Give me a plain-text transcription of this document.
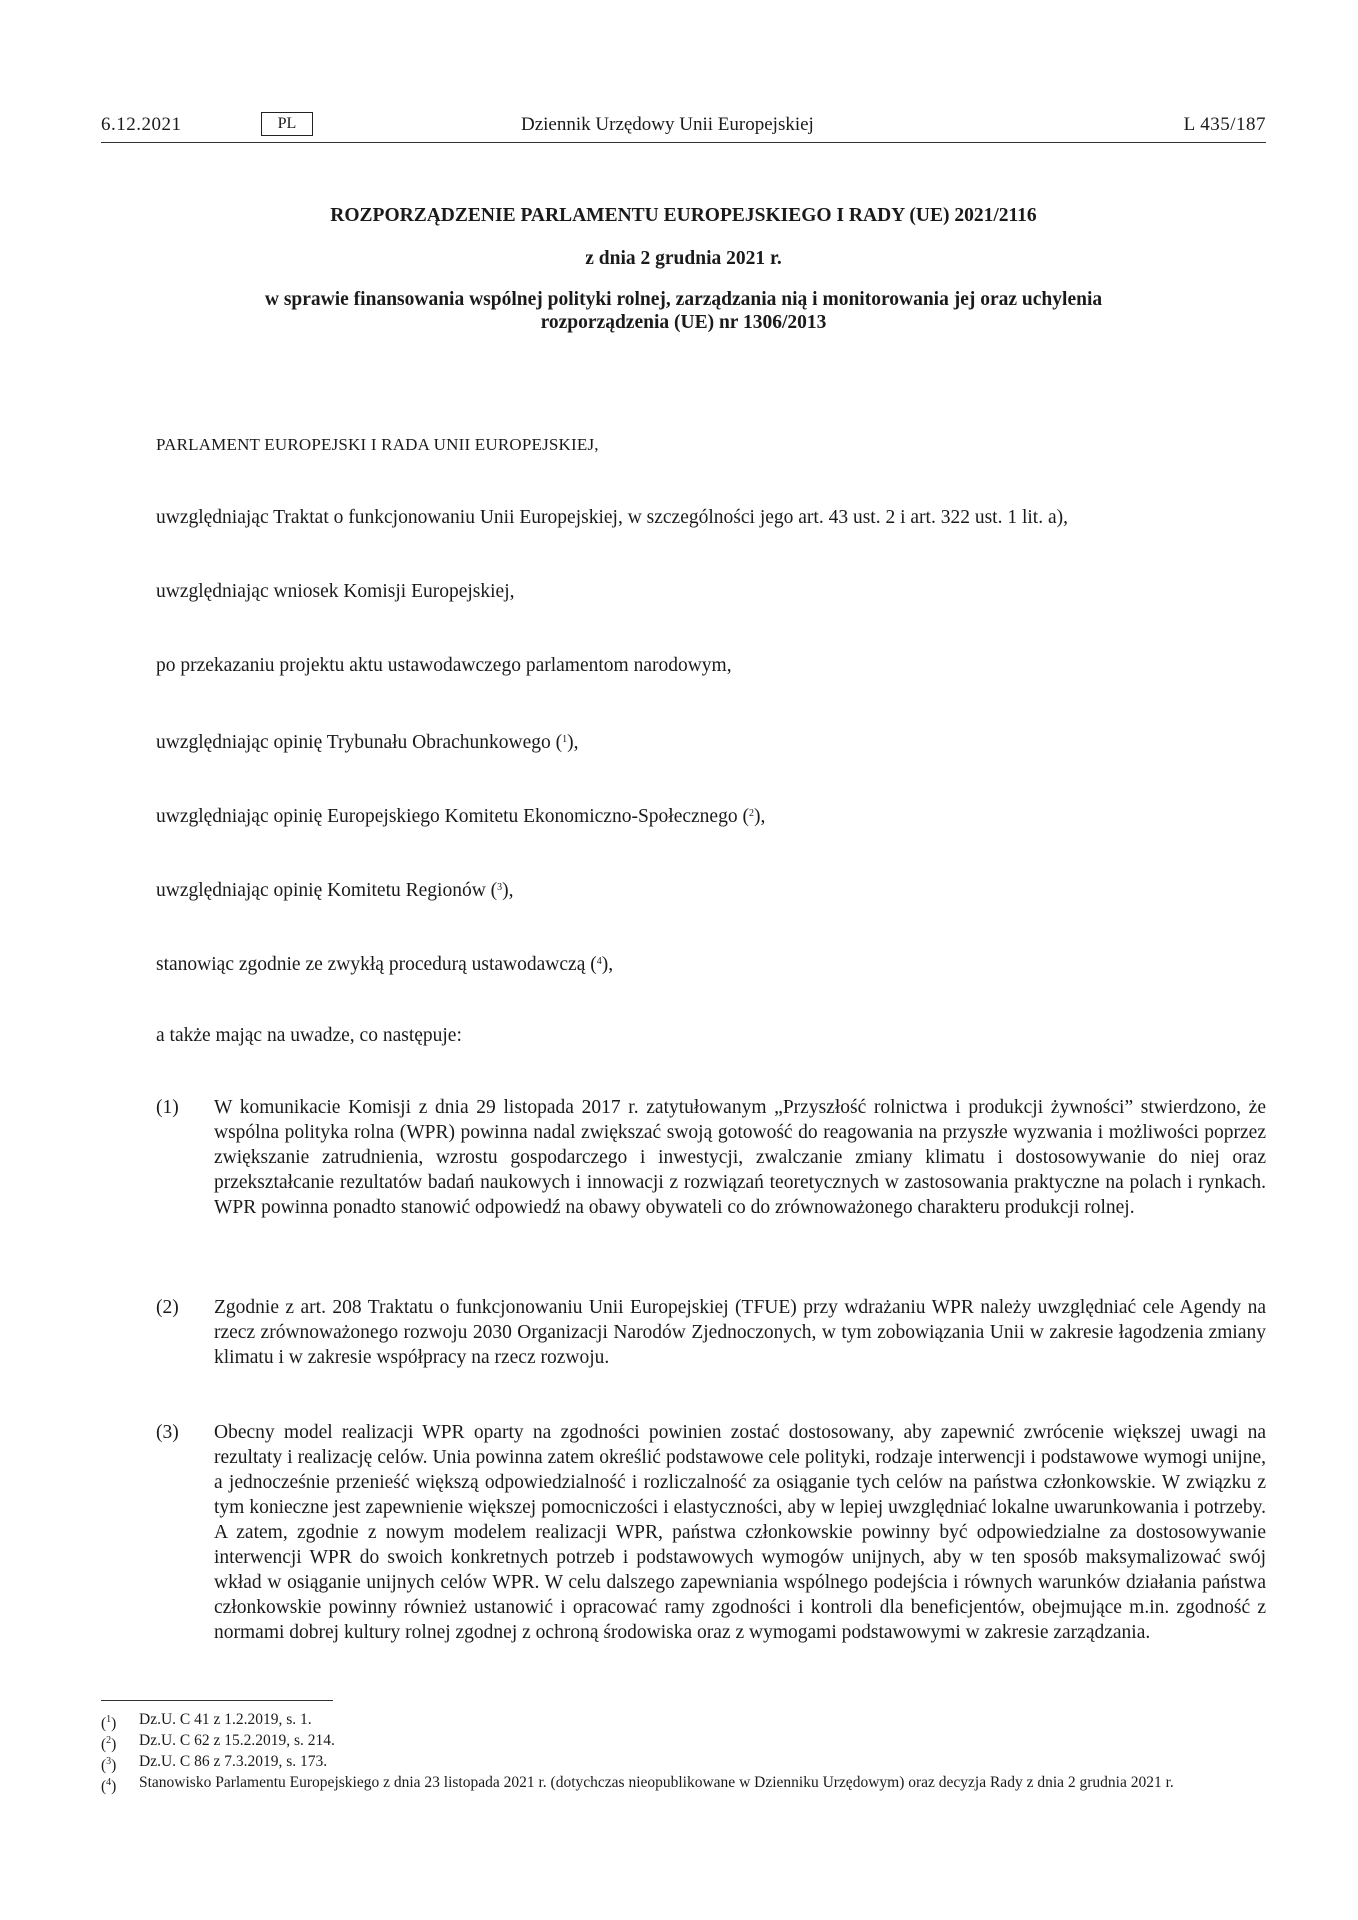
6.12.2021	PL	Dziennik Urzędowy Unii Europejskiej	L 435/187
ROZPORZĄDZENIE PARLAMENTU EUROPEJSKIEGO I RADY (UE) 2021/2116
z dnia 2 grudnia 2021 r.
w sprawie finansowania wspólnej polityki rolnej, zarządzania nią i monitorowania jej oraz uchylenia
rozporządzenia (UE) nr 1306/2013
PARLAMENT EUROPEJSKI I RADA UNII EUROPEJSKIEJ,
uwzględniając Traktat o funkcjonowaniu Unii Europejskiej, w szczególności jego art. 43 ust. 2 i art. 322 ust. 1 lit. a),
uwzględniając wniosek Komisji Europejskiej,
po przekazaniu projektu aktu ustawodawczego parlamentom narodowym,
uwzględniając opinię Trybunału Obrachunkowego ($^1$),
uwzględniając opinię Europejskiego Komitetu Ekonomiczno-Społecznego ($^2$),
uwzględniając opinię Komitetu Regionów ($^3$),
stanowiąc zgodnie ze zwykłą procedurą ustawodawczą ($^4$),
a także mając na uwadze, co następuje:
(1) W komunikacie Komisji z dnia 29 listopada 2017 r. zatytułowanym „Przyszłość rolnictwa i produkcji żywności” stwierdzono, że wspólna polityka rolna (WPR) powinna nadal zwiększać swoją gotowość do reagowania na przyszłe wyzwania i możliwości poprzez zwiększanie zatrudnienia, wzrostu gospodarczego i inwestycji, zwalczanie zmiany klimatu i dostosowywanie do niej oraz przekształcanie rezultatów badań naukowych i innowacji z rozwiązań teoretycznych w zastosowania praktyczne na polach i rynkach. WPR powinna ponadto stanowić odpowiedź na obawy obywateli co do zrównoważonego charakteru produkcji rolnej.
(2) Zgodnie z art. 208 Traktatu o funkcjonowaniu Unii Europejskiej (TFUE) przy wdrażaniu WPR należy uwzględniać cele Agendy na rzecz zrównoważonego rozwoju 2030 Organizacji Narodów Zjednoczonych, w tym zobowiązania Unii w zakresie łagodzenia zmiany klimatu i w zakresie współpracy na rzecz rozwoju.
(3) Obecny model realizacji WPR oparty na zgodności powinien zostać dostosowany, aby zapewnić zwrócenie większej uwagi na rezultaty i realizację celów. Unia powinna zatem określić podstawowe cele polityki, rodzaje interwencji i podstawowe wymogi unijne, a jednocześnie przenieść większą odpowiedzialność i rozliczalność za osiąganie tych celów na państwa członkowskie. W związku z tym konieczne jest zapewnienie większej pomocniczości i elastyczności, aby w lepiej uwzględniać lokalne uwarunkowania i potrzeby. A zatem, zgodnie z nowym modelem realizacji WPR, państwa członkowskie powinny być odpowiedzialne za dostosowywanie interwencji WPR do swoich konkretnych potrzeb i podstawowych wymogów unijnych, aby w ten sposób maksymalizować swój wkład w osiąganie unijnych celów WPR. W celu dalszego zapewniania wspólnego podejścia i równych warunków działania państwa członkowskie powinny również ustanowić i opracować ramy zgodności i kontroli dla beneficjentów, obejmujące m.in. zgodność z normami dobrej kultury rolnej zgodnej z ochroną środowiska oraz z wymogami podstawowymi w zakresie zarządzania.
($^1$) Dz.U. C 41 z 1.2.2019, s. 1.
($^2$) Dz.U. C 62 z 15.2.2019, s. 214.
($^3$) Dz.U. C 86 z 7.3.2019, s. 173.
($^4$) Stanowisko Parlamentu Europejskiego z dnia 23 listopada 2021 r. (dotychczas nieopublikowane w Dzienniku Urzędowym) oraz decyzja Rady z dnia 2 grudnia 2021 r.
